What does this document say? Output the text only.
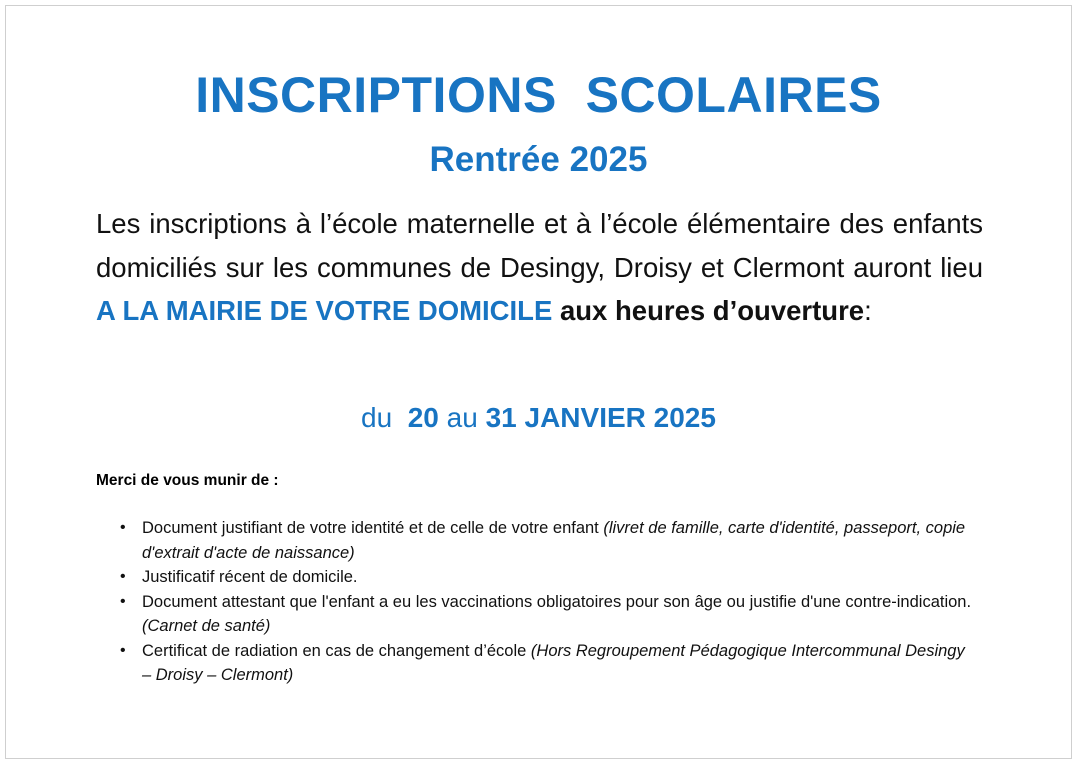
INSCRIPTIONS  SCOLAIRES
Rentrée 2025
Les inscriptions à l’école maternelle et à l’école élémentaire des enfants domiciliés sur les communes de Desingy, Droisy et Clermont auront lieu A LA MAIRIE DE VOTRE DOMICILE aux heures d’ouverture:
du  20 au 31 JANVIER 2025
Merci de vous munir de :
• Document justifiant de votre identité et de celle de votre enfant (livret de famille, carte d'identité, passeport, copie d'extrait d'acte de naissance)
• Justificatif récent de domicile.
• Document attestant que l'enfant a eu les vaccinations obligatoires pour son âge ou justifie d'une contre-indication. (Carnet de santé)
• Certificat de radiation en cas de changement d’école (Hors Regroupement Pédagogique Intercommunal Desingy – Droisy – Clermont)
